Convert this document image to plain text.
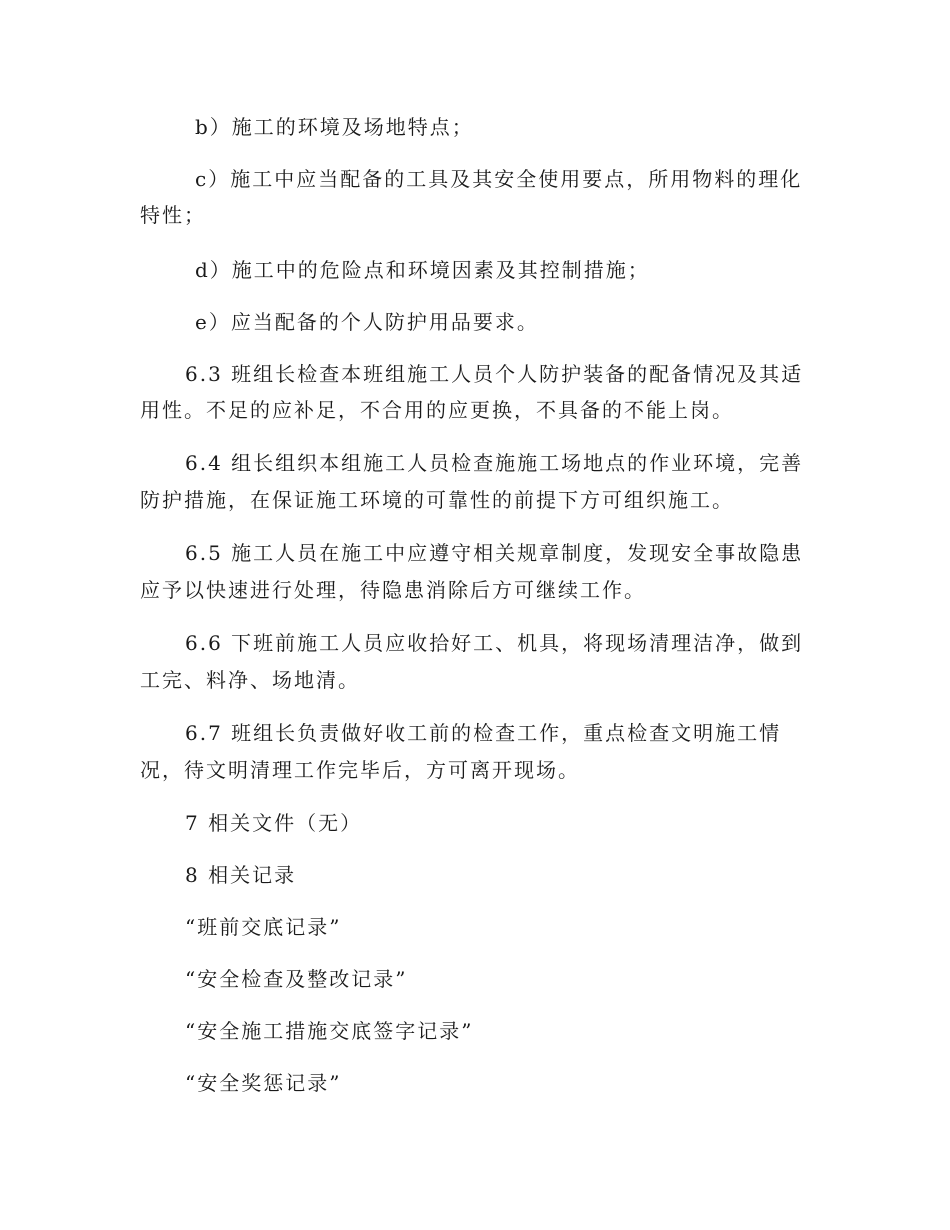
b）施工的环境及场地特点；
c）施工中应当配备的工具及其安全使用要点，所用物料的理化
特性；
d）施工中的危险点和环境因素及其控制措施；
e）应当配备的个人防护用品要求。
6.3 班组长检查本班组施工人员个人防护装备的配备情况及其适
用性。不足的应补足，不合用的应更换，不具备的不能上岗。
6.4 组长组织本组施工人员检查施施工场地点的作业环境，完善
防护措施，在保证施工环境的可靠性的前提下方可组织施工。
6.5 施工人员在施工中应遵守相关规章制度，发现安全事故隐患
应予以快速进行处理，待隐患消除后方可继续工作。
6.6 下班前施工人员应收拾好工、机具，将现场清理洁净，做到
工完、料净、场地清。
6.7 班组长负责做好收工前的检查工作，重点检查文明施工情
况，待文明清理工作完毕后，方可离开现场。
7 相关文件（无）
8 相关记录
“班前交底记录”
“安全检查及整改记录”
“安全施工措施交底签字记录”
“安全奖惩记录”
